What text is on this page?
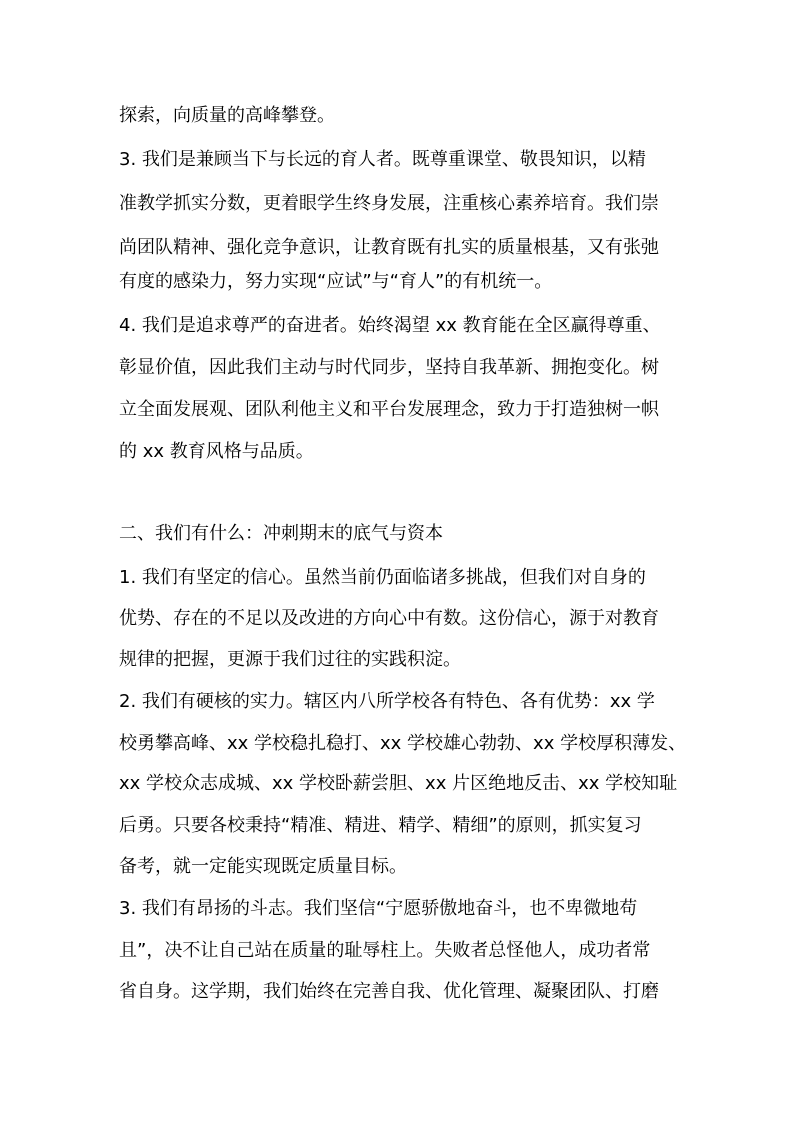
探索，向质量的高峰攀登。
3. 我们是兼顾当下与长远的育人者。既尊重课堂、敬畏知识，以精
准教学抓实分数，更着眼学生终身发展，注重核心素养培育。我们崇
尚团队精神、强化竞争意识，让教育既有扎实的质量根基，又有张弛
有度的感染力，努力实现“应试”与“育人”的有机统一。
4. 我们是追求尊严的奋进者。始终渴望 xx 教育能在全区赢得尊重、
彰显价值，因此我们主动与时代同步，坚持自我革新、拥抱变化。树
立全面发展观、团队利他主义和平台发展理念，致力于打造独树一帜
的 xx 教育风格与品质。
二、我们有什么：冲刺期末的底气与资本
1. 我们有坚定的信心。虽然当前仍面临诸多挑战，但我们对自身的
优势、存在的不足以及改进的方向心中有数。这份信心，源于对教育
规律的把握，更源于我们过往的实践积淀。
2. 我们有硬核的实力。辖区内八所学校各有特色、各有优势：xx 学
校勇攀高峰、xx 学校稳扎稳打、xx 学校雄心勃勃、xx 学校厚积薄发、
xx 学校众志成城、xx 学校卧薪尝胆、xx 片区绝地反击、xx 学校知耻
后勇。只要各校秉持“精准、精进、精学、精细”的原则，抓实复习
备考，就一定能实现既定质量目标。
3. 我们有昂扬的斗志。我们坚信“宁愿骄傲地奋斗，也不卑微地苟
且”，决不让自己站在质量的耻辱柱上。失败者总怪他人，成功者常
省自身。这学期，我们始终在完善自我、优化管理、凝聚团队、打磨
